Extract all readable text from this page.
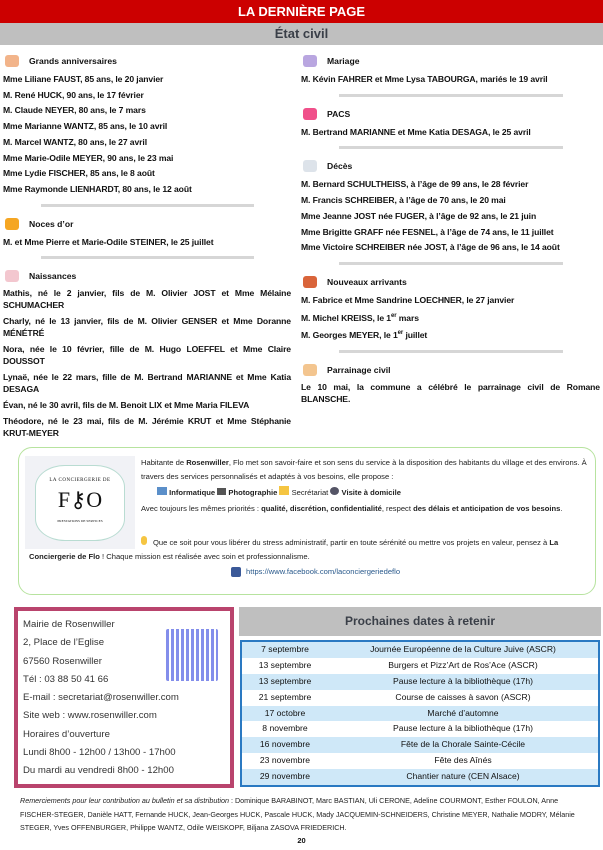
LA DERNIÈRE PAGE
État civil
Grands anniversaires
Mme Liliane FAUST, 85 ans, le 20 janvier
M. René HUCK, 90 ans, le 17 février
M. Claude NEYER, 80 ans, le 7 mars
Mme Marianne WANTZ, 85 ans, le 10 avril
M. Marcel WANTZ, 80 ans, le 27 avril
Mme Marie-Odile MEYER, 90 ans, le 23 mai
Mme Lydie FISCHER, 85 ans, le 8 août
Mme Raymonde LIENHARDT, 80 ans, le 12 août
Noces d’or
M. et Mme Pierre et Marie-Odile STEINER, le 25 juillet
Naissances
Mathis, né le 2 janvier, fils de M. Olivier JOST et Mme Mélaine SCHUMACHER
Charly, né le 13 janvier, fils de M. Olivier GENSER et Mme Doranne MÉNÉTRÉ
Nora, née le 10 février, fille de M. Hugo LOEFFEL et Mme Claire DOUSSOT
Lynaë, née le 22 mars, fille de M. Bertrand MARIANNE et Mme Katia DESAGA
Évan, né le 30 avril, fils de M. Benoit LIX et Mme Maria FILEVA
Théodore, né le 23 mai, fils de M. Jérémie KRUT et Mme Stéphanie KRUT-MEYER
Mariage
M. Kévin FAHRER et Mme Lysa TABOURGA, mariés le 19 avril
PACS
M. Bertrand MARIANNE et Mme Katia DESAGA, le 25 avril
Décès
M. Bernard SCHULTHEISS, à l’âge de 99 ans, le 28 février
M. Francis SCHREIBER, à l’âge de 70 ans, le 20 mai
Mme Jeanne JOST née FUGER, à l’âge de 92 ans, le 21 juin
Mme Brigitte GRAFF née FESNEL, à l’âge de 74 ans, le 11 juillet
Mme Victoire SCHREIBER née JOST, à l’âge de 96 ans, le 14 août
Nouveaux arrivants
M. Fabrice et Mme Sandrine LOECHNER, le 27 janvier
M. Michel KREISS, le 1er mars
M. Georges MEYER, le 1er juillet
Parrainage civil
Le 10 mai, la commune a célébré le parrainage civil de Romane BLANSCHE.
LA CONCIERGERIE DE
F⚷O
PRESTATIONS DE SERVICES
Habitante de Rosenwiller, Flo met son savoir-faire et son sens du service à la disposition des habitants du village et des environs. À travers des services personnalisés et adaptés à vos besoins, elle propose :
Informatique Photographie Secrétariat Visite à domicile
Avec toujours les mêmes priorités : qualité, discrétion, confidentialité, respect des délais et anticipation de vos besoins.
Que ce soit pour vous libérer du stress administratif, partir en toute sérénité ou mettre vos projets en valeur, pensez à La Conciergerie de Flo ! Chaque mission est réalisée avec soin et professionnalisme.
https://www.facebook.com/laconciergeriedeflo
Mairie de Rosenwiller
2, Place de l’Eglise
67560 Rosenwiller
Tél : 03 88 50 41 66
E-mail : secretariat@rosenwiller.com
Site web : www.rosenwiller.com
Horaires d’ouverture
Lundi 8h00 - 12h00 / 13h00 - 17h00
Du mardi au vendredi 8h00 - 12h00
Prochaines dates à retenir
7 septembre	Journée Européenne de la Culture Juive (ASCR)
13 septembre	Burgers et Pizz’Art de Ros’Ace (ASCR)
13 septembre	Pause lecture à la bibliothèque (17h)
21 septembre	Course de caisses à savon (ASCR)
17 octobre	Marché d’automne
8 novembre	Pause lecture à la bibliothèque (17h)
16 novembre	Fête de la Chorale Sainte-Cécile
23 novembre	Fête des Aînés
29 novembre	Chantier nature (CEN Alsace)
Remerciements pour leur contribution au bulletin et sa distribution : Dominique BARABINOT, Marc BASTIAN, Uli CERONE, Adeline COURMONT, Esther FOULON, Anne FISCHER-STEGER, Danièle HATT, Fernande HUCK, Jean-Georges HUCK, Pascale HUCK, Mady JACQUEMIN-SCHNEIDERS, Christine MEYER, Nathalie MODRY, Mélanie STEGER, Yves OFFENBURGER, Philippe WANTZ, Odile WEISKOPF, Biljana ZASOVA FRIEDERICH.
20
